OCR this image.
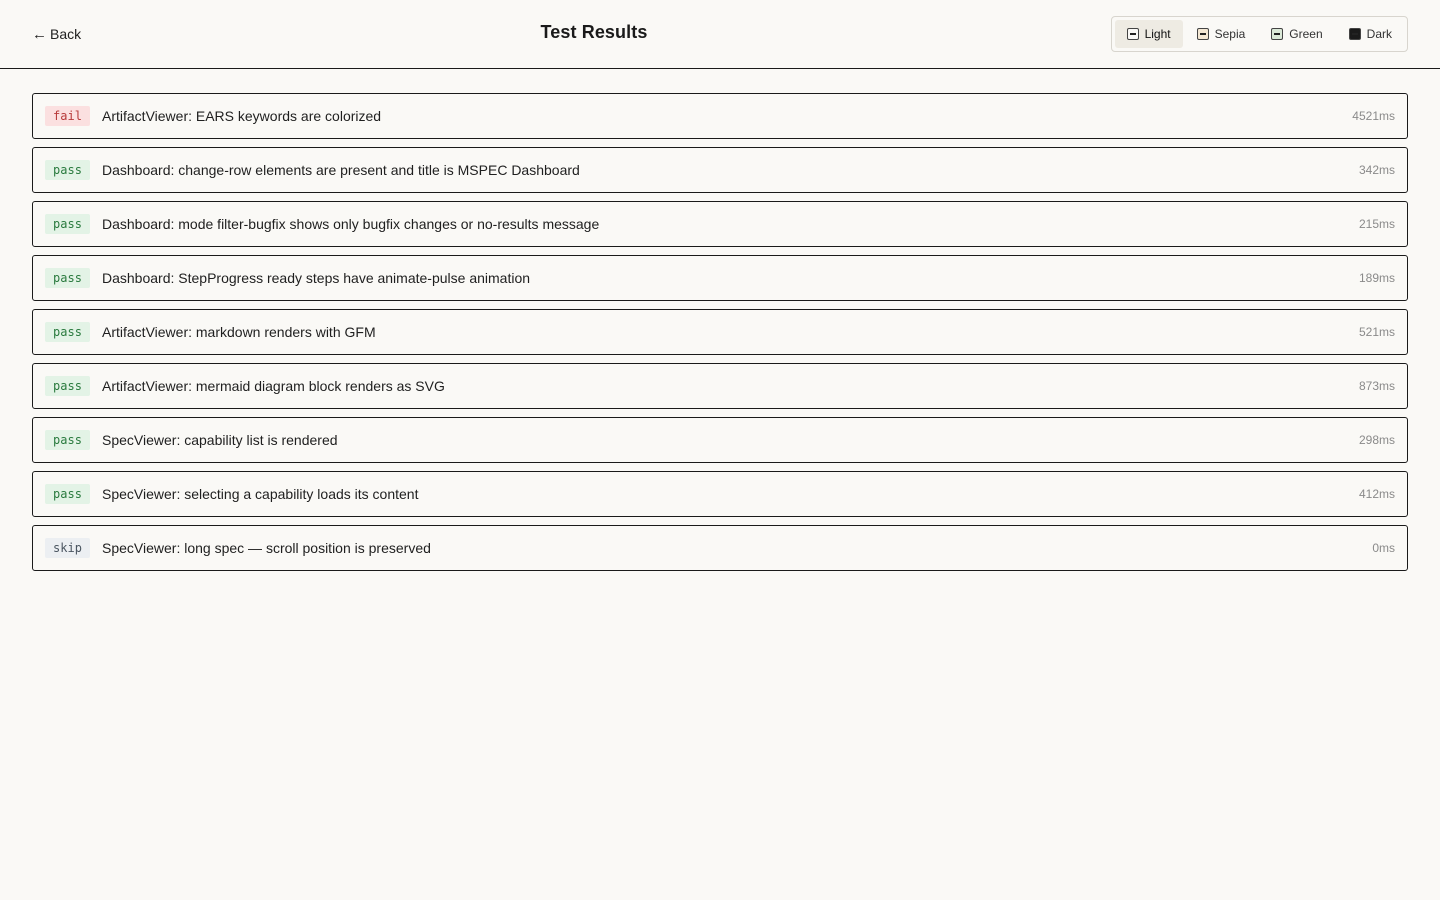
← Back	Test Results	Light	Sepia	Green	Dark
fail	ArtifactViewer: EARS keywords are colorized	4521ms
pass	Dashboard: change-row elements are present and title is MSPEC Dashboard	342ms
pass	Dashboard: mode filter-bugfix shows only bugfix changes or no-results message	215ms
pass	Dashboard: StepProgress ready steps have animate-pulse animation	189ms
pass	ArtifactViewer: markdown renders with GFM	521ms
pass	ArtifactViewer: mermaid diagram block renders as SVG	873ms
pass	SpecViewer: capability list is rendered	298ms
pass	SpecViewer: selecting a capability loads its content	412ms
skip	SpecViewer: long spec — scroll position is preserved	0ms
